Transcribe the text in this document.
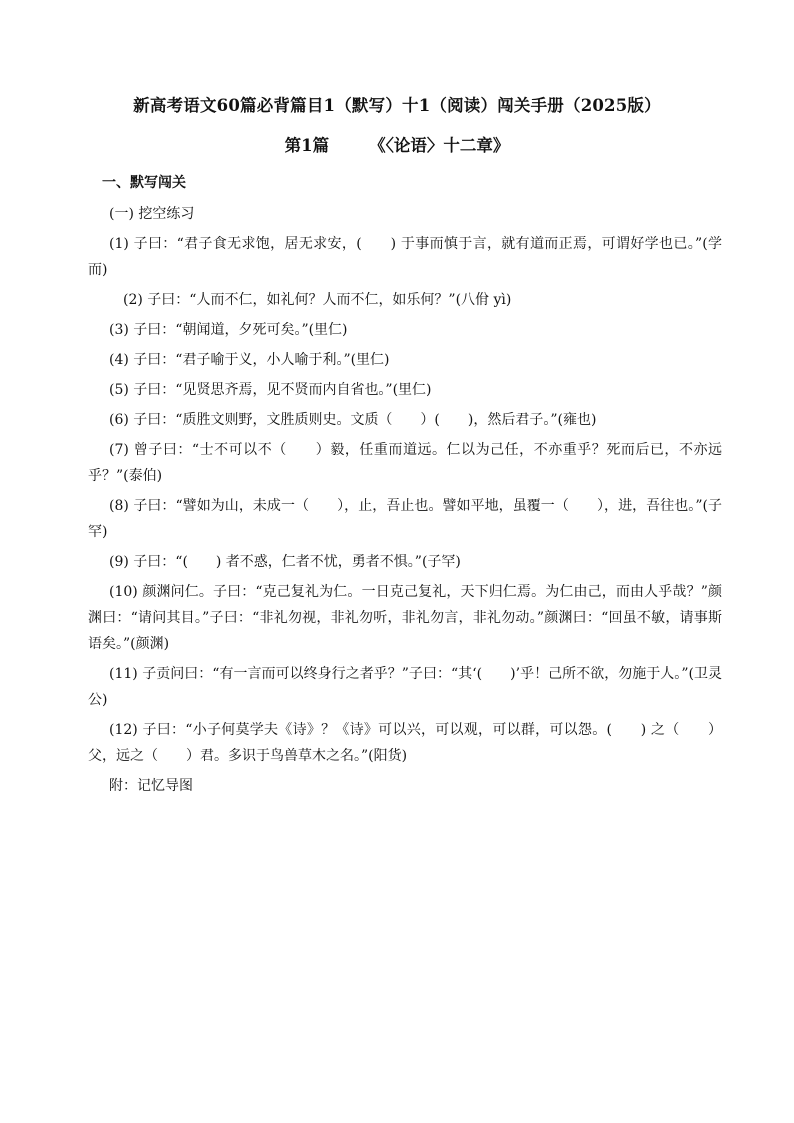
新高考语文60篇必背篇目1（默写）十1（阅读）闯关手册（2025版）
第1篇 《〈论语〉十二章》
一、默写闯关

(一) 挖空练习

(1) 子曰：“君子食无求饱，居无求安，(　　) 于事而慎于言，就有道而正焉，可谓好学也已。”(学而)

(2) 子曰：“人而不仁，如礼何？人而不仁，如乐何？”(八佾 yì)

(3) 子曰：“朝闻道，夕死可矣。”(里仁)

(4) 子曰：“君子喻于义，小人喻于利。”(里仁)

(5) 子曰：“见贤思齐焉，见不贤而内自省也。”(里仁)

(6) 子曰：“质胜文则野，文胜质则史。文质（　　）(　　)，然后君子。”(雍也)

(7) 曾子曰：“士不可以不（　　）毅，任重而道远。仁以为己任，不亦重乎？死而后已，不亦远乎？”(泰伯)

(8) 子曰：“譬如为山，未成一（　　），止，吾止也。譬如平地，虽覆一（　　），进，吾往也。”(子罕)

(9) 子曰：“(　　) 者不惑，仁者不忧，勇者不惧。”(子罕)

(10) 颜渊问仁。子曰：“克己复礼为仁。一日克己复礼，天下归仁焉。为仁由己，而由人乎哉？”颜渊曰：“请问其目。”子曰：“非礼勿视，非礼勿听，非礼勿言，非礼勿动。”颜渊曰：“回虽不敏，请事斯语矣。”(颜渊)

(11) 子贡问曰：“有一言而可以终身行之者乎？”子曰：“其‘(　　)’乎！己所不欲，勿施于人。”(卫灵公)

(12) 子曰：“小子何莫学夫《诗》？《诗》可以兴，可以观，可以群，可以怨。(　　) 之（　　）父，远之（　　）君。多识于鸟兽草木之名。”(阳货)

附：记忆导图
